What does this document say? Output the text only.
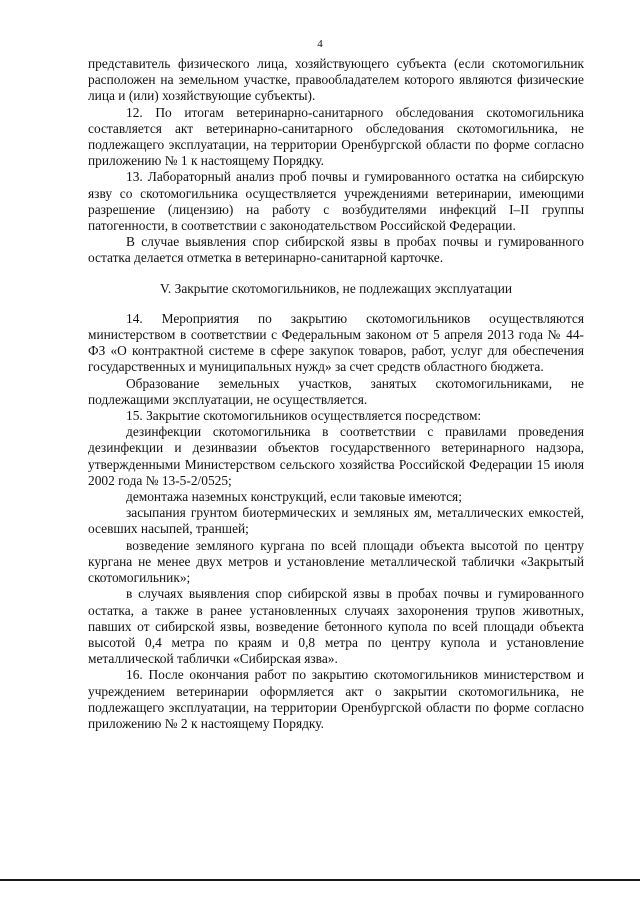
4

представитель физического лица, хозяйствующего субъекта (если скотомогильник расположен на земельном участке, правообладателем которого являются физические лица и (или) хозяйствующие субъекты).

12. По итогам ветеринарно-санитарного обследования скотомогильника составляется акт ветеринарно-санитарного обследования скотомогильника, не подлежащего эксплуатации, на территории Оренбургской области по форме согласно приложению № 1 к настоящему Порядку.

13. Лабораторный анализ проб почвы и гумированного остатка на сибирскую язву со скотомогильника осуществляется учреждениями ветеринарии, имеющими разрешение (лицензию) на работу с возбудителями инфекций I–II группы патогенности, в соответствии с законодательством Российской Федерации.

В случае выявления спор сибирской язвы в пробах почвы и гумированного остатка делается отметка в ветеринарно-санитарной карточке.

V. Закрытие скотомогильников, не подлежащих эксплуатации

14. Мероприятия по закрытию скотомогильников осуществляются министерством в соответствии с Федеральным законом от 5 апреля 2013 года № 44-ФЗ «О контрактной системе в сфере закупок товаров, работ, услуг для обеспечения государственных и муниципальных нужд» за счет средств областного бюджета.

Образование земельных участков, занятых скотомогильниками, не подлежащими эксплуатации, не осуществляется.

15. Закрытие скотомогильников осуществляется посредством:

дезинфекции скотомогильника в соответствии с правилами проведения дезинфекции и дезинвазии объектов государственного ветеринарного надзора, утвержденными Министерством сельского хозяйства Российской Федерации 15 июля 2002 года № 13-5-2/0525;

демонтажа наземных конструкций, если таковые имеются;

засыпания грунтом биотермических и земляных ям, металлических емкостей, осевших насыпей, траншей;

возведение земляного кургана по всей площади объекта высотой по центру кургана не менее двух метров и установление металлической таблички «Закрытый скотомогильник»;

в случаях выявления спор сибирской язвы в пробах почвы и гумированного остатка, а также в ранее установленных случаях захоронения трупов животных, павших от сибирской язвы, возведение бетонного купола по всей площади объекта высотой 0,4 метра по краям и 0,8 метра по центру купола и установление металлической таблички «Сибирская язва».

16. После окончания работ по закрытию скотомогильников министерством и учреждением ветеринарии оформляется акт о закрытии скотомогильника, не подлежащего эксплуатации, на территории Оренбургской области по форме согласно приложению № 2 к настоящему Порядку.
